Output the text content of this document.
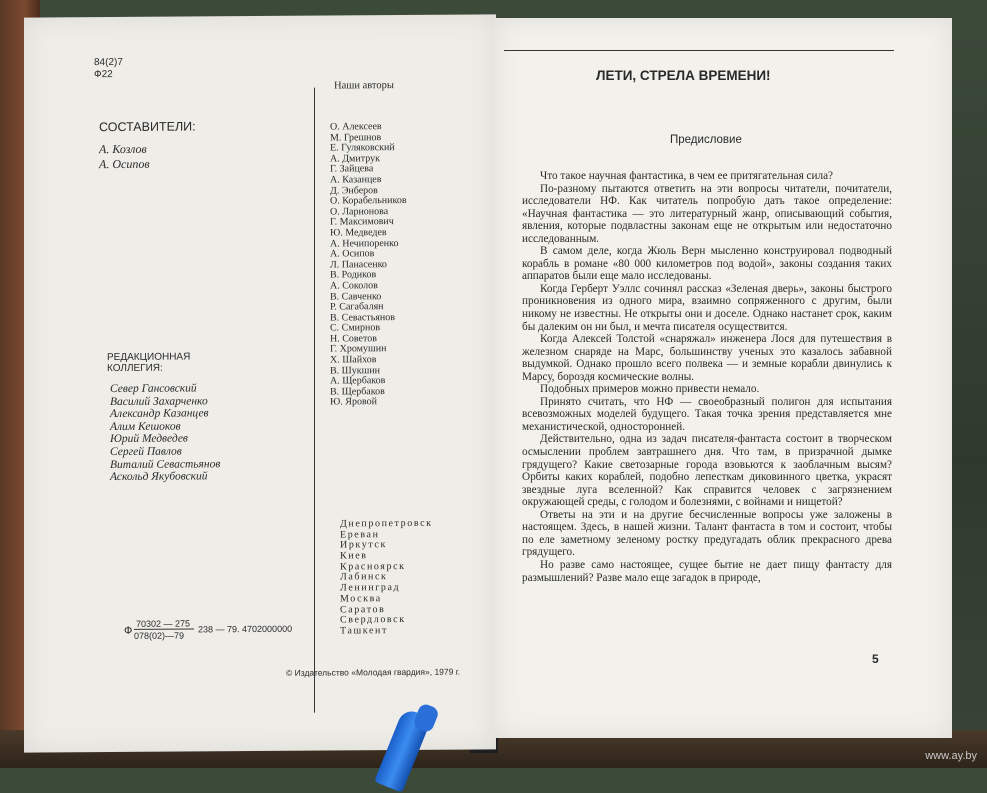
84(2)7
Ф22
СОСТАВИТЕЛИ:
А. Козлов
А. Осипов
Наши авторы
О. Алексеев
М. Грешнов
Е. Гуляковский
А. Дмитрук
Г. Зайцева
А. Казанцев
Д. Энберов
О. Корабельников
О. Ларионова
Г. Максимович
Ю. Медведев
А. Нечипоренко
А. Осипов
Л. Панасенко
В. Родиков
А. Соколов
В. Савченко
Р. Сагабалян
В. Севастьянов
С. Смирнов
Н. Советов
Г. Хромушин
Х. Шайхов
В. Шукшин
А. Щербаков
В. Щербаков
Ю. Яровой
РЕДАКЦИОННАЯ
КОЛЛЕГИЯ:
Север Гансовский
Василий Захарченко
Александр Казанцев
Алим Кешоков
Юрий Медведев
Сергей Павлов
Виталий Севастьянов
Аскольд Якубовский
Днепропетровск
Ереван
Иркутск
Киев
Красноярск
Лабинск
Ленинград
Москва
Саратов
Свердловск
Ташкент
70302 — 275
Ф 078(02)—79
238 — 79. 4702000000
© Издательство «Молодая гвардия», 1979 г.
ЛЕТИ, СТРЕЛА ВРЕМЕНИ!
Предисловие

Что такое научная фантастика, в чем ее притягательная сила?

По-разному пытаются ответить на эти вопросы читатели, почитатели, исследователи НФ. Как читатель попробую дать такое определение: «Научная фантастика — это литературный жанр, описывающий события, явления, которые подвластны законам еще не открытым или недостаточно исследованным.

В самом деле, когда Жюль Верн мысленно конструировал подводный корабль в романе «80 000 километров под водой», законы создания таких аппаратов были еще мало исследованы.

Когда Герберт Уэллс сочинял рассказ «Зеленая дверь», законы быстрого проникновения из одного мира, взаимно сопряженного с другим, были никому не известны. Не открыты они и доселе. Однако настанет срок, каким бы далеким он ни был, и мечта писателя осуществится.

Когда Алексей Толстой «снаряжал» инженера Лося для путешествия в железном снаряде на Марс, большинству ученых это казалось забавной выдумкой. Однако прошло всего полвека — и земные корабли двинулись к Марсу, бороздя космические волны.

Подобных примеров можно привести немало.

Принято считать, что НФ — своеобразный полигон для испытания всевозможных моделей будущего. Такая точка зрения представляется мне механистической, односторонней.

Действительно, одна из задач писателя-фантаста состоит в творческом осмыслении проблем завтрашнего дня. Что там, в призрачной дымке грядущего? Какие светозарные города взовьются к заоблачным высям? Орбиты каких кораблей, подобно лепесткам диковинного цветка, украсят звездные луга вселенной? Как справится человек с загрязнением окружающей среды, с голодом и болезнями, с войнами и нищетой?

Ответы на эти и на другие бесчисленные вопросы уже заложены в настоящем. Здесь, в нашей жизни. Талант фантаста в том и состоит, чтобы по еле заметному зеленому ростку предугадать облик прекрасного древа грядущего.

Но разве само настоящее, сущее бытие не дает пищу фантасту для размышлений? Разве мало еще загадок в природе,

5
www.ay.by
